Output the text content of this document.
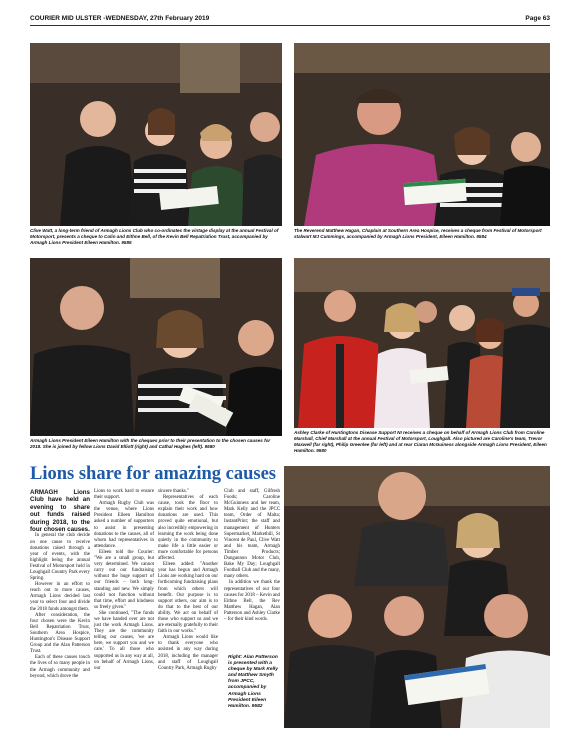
COURIER MID ULSTER -WEDNESDAY, 27th February 2019	Page 63
Clive Watt, a long-term friend of Armagh Lions Club who co-ordinates the vintage display at the annual Festival of Motorsport, presents a cheque to Colin and Eithne Bell, of the Kevin Bell Repatriation Trust, accompanied by Armagh Lions President Eileen Hamilton. 9585
The Reverend Matthew Hagan, Chaplain at Southern Area Hospice, receives a cheque from Festival of Motorsport stalwart MJ Cummings, accompanied by Armagh Lions President, Eileen Hamilton. 9584
Armagh Lions President Eileen Hamilton with the cheques prior to their presentation to the chosen causes for 2018. She is joined by fellow Lions David Elliott (right) and Cathal Hughes (left). 9580
Ashley Clarke of Huntingtons Disease Support NI receives a cheque on behalf of Armagh Lions Club from Caroline Marshall, Chief Marshall at the annual Festival of Motorsport, Loughgall. Also pictured are Caroline's team, Trevor Maxwell (far right), Philip Greenlee (far left) and at rear Ciaran McGuiness alongside Armagh Lions President, Eileen Hamilton. 9580
Lions share for amazing causes

ARMAGH Lions Club have held an evening to share out funds raised during 2018, to the four chosen causes.

In general the club decide on one cause to receive donations raised through a year of events, with the highlight being the annual Festival of Motorsport held in Loughgall Country Park every Spring.

However in an effort to reach out to more causes, Armagh Lions decided last year to select four and divide the 2018 funds amongst them.

After consideration, the four chosen were the Kevin Bell Repatriation Trust, Southern Area Hospice, Huntington's Disease Support Group and the Alan Patterson Trust.

Each of these causes touch the lives of so many people in the Armagh community and beyond, which drove the

Lions to work hard to ensure their support.

Armagh Rugby Club was the venue, where Lions President Eileen Hamilton asked a number of supporters to assist in presenting donations to the causes, all of whom had representatives in attendance.

Eileen told the Courier: "We are a small group, but very determined. We cannot carry out our fundraising without the huge support of our friends – both long-standing and new. We simply could not function without that time, effort and kindness so freely given."

She continued, "The funds we have handed over are not just the work Armagh Lions. They are the community telling our causes, 'we are here, we support you and we care.' To all those who supported us in any way at all, on behalf of Armagh Lions, our

sincere thanks."

Representatives of each cause, took the floor to explain their work and how donations are used. This proved quite emotional, but also incredibly empowering in learning the work being done quietly in the community to make life a little easier or more comfortable for persons affected.

Eileen added: "Another year has begun and Armagh Lions are working hard on our forthcoming fundraising plans from which others will benefit. Our purpose is to support others, our aim is to do that to the best of our ability. We act on behalf of those who support us and we are eternally gratefully to their faith in our works."

Armagh Lions would like to thank everyone who assisted in any way during 2018, including the manager and staff of Loughgall Country Park, Armagh Rugby

Club and staff, Gilfresh Foods; Caroline McGuinness and her team, Mark Kelly and the JPCC team, Order of Malta; InstantPrint; the staff and management of Hunters Supermarket, Markethill, St Vincent de Paul, Clive Watt and his team, Armagh Timber Products; Dungannon Motor Club, Bake My Day; Loughgall Football Club and the many, many others.

In addition we thank the representatives of our four causes for 2018 – Kevin and Eithne Bell, the Rev Matthew Hagan, Alan Patterson and Ashley Clarke – for their kind words.

Right: Alan Patterson is presented with a cheque by Mark Kelly and Matthew Smyth from JPCC, accompanied by Armagh Lions President Eileen Hamilton. 9582
